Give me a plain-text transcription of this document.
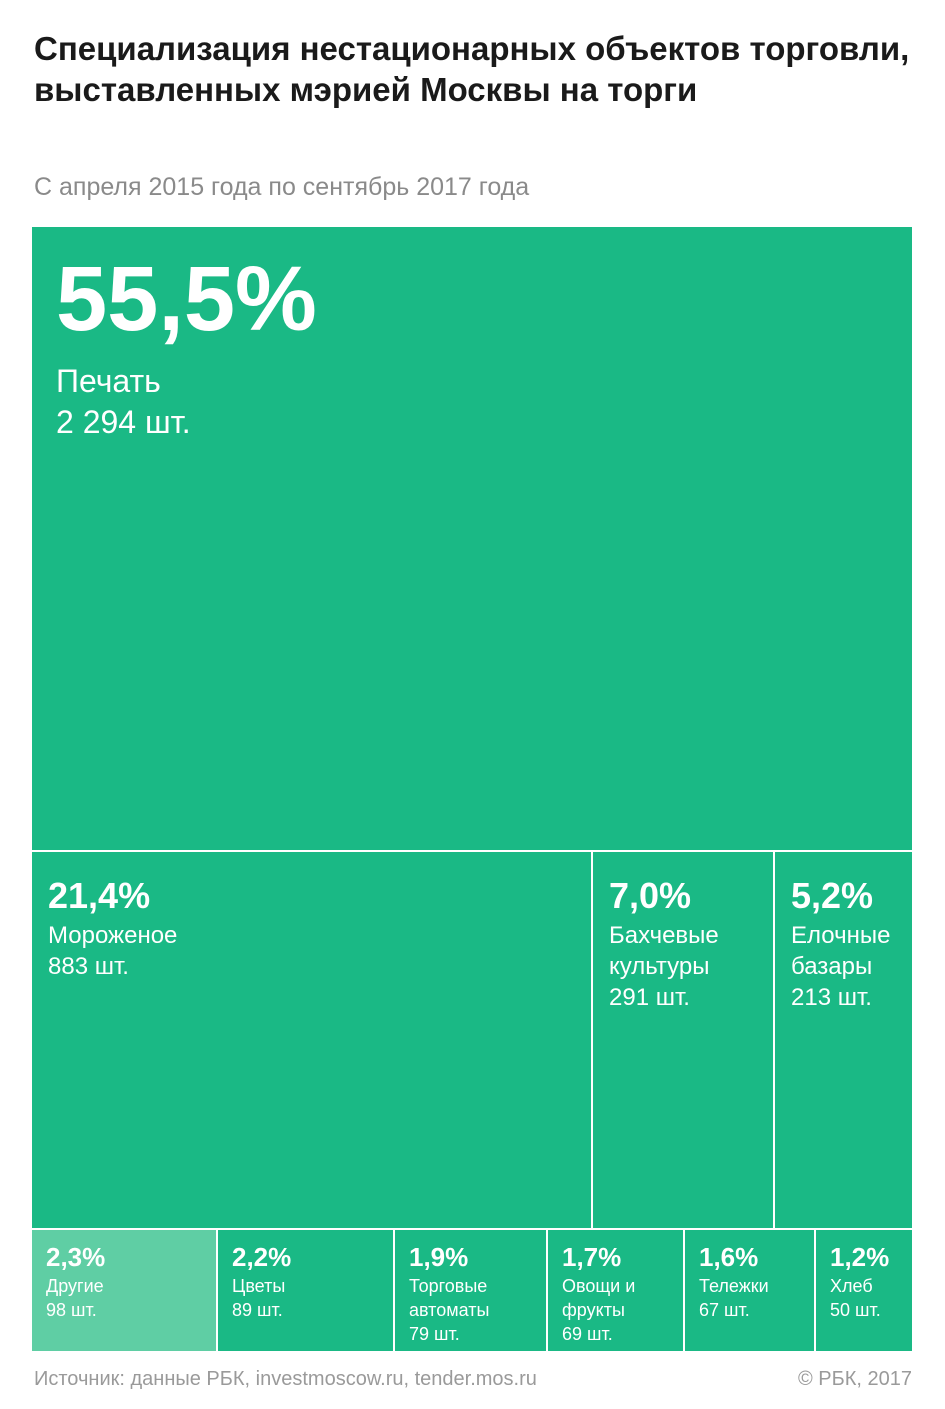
Специализация нестационарных объектов торговли, выставленных мэрией Москвы на торги

С апреля 2015 года по сентябрь 2017 года

55,5%
Печать
2 294 шт.
21,4%
Мороженое
883 шт.
7,0%
Бахчевые культуры
291 шт.
5,2%
Елочные базары
213 шт.
2,3%
Другие
98 шт.
2,2%
Цветы
89 шт.
1,9%
Торговые автоматы
79 шт.
1,7%
Овощи и фрукты
69 шт.
1,6%
Тележки
67 шт.
1,2%
Хлеб
50 шт.
Источник: данные РБК, investmoscow.ru, tender.mos.ru	© РБК, 2017
